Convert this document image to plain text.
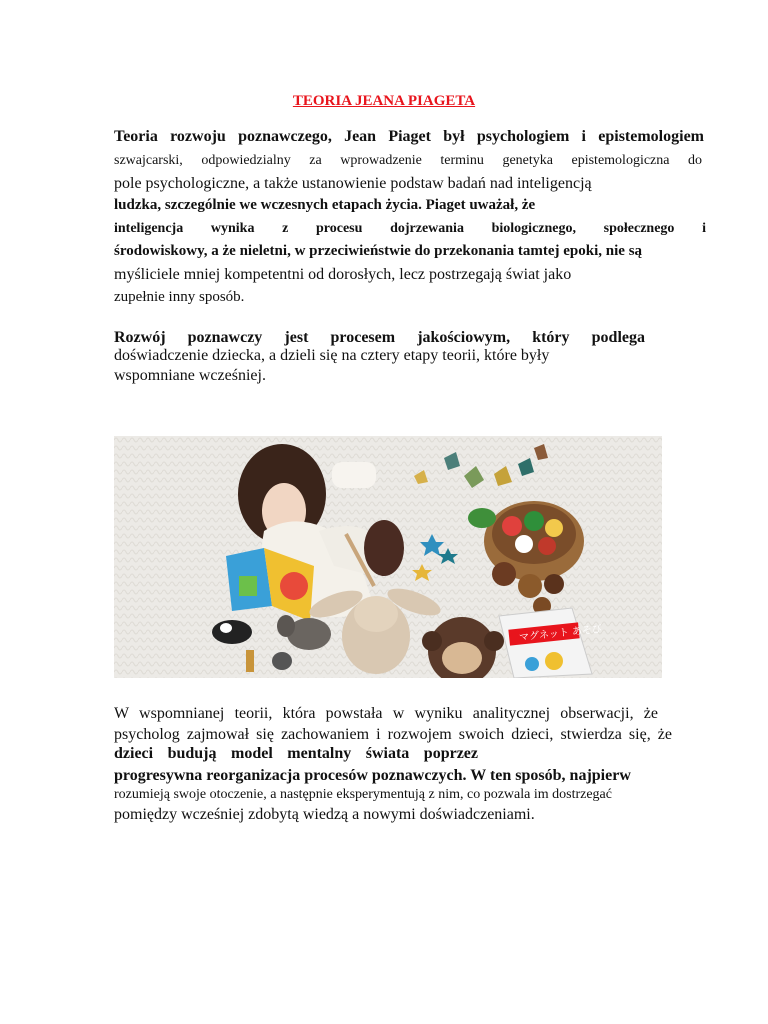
TEORIA JEANA PIAGETA
Teoria rozwoju poznawczego, Jean Piaget był psychologiem i epistemologiem
szwajcarski, odpowiedzialny za wprowadzenie terminu genetyka epistemologiczna do
pole psychologiczne, a także ustanowienie podstaw badań nad inteligencją
ludzka, szczególnie we wczesnych etapach życia. Piaget uważał, że
inteligencja wynika z procesu dojrzewania biologicznego, społecznego i
środowiskowy, a że nieletni, w przeciwieństwie do przekonania tamtej epoki, nie są
myśliciele mniej kompetentni od dorosłych, lecz postrzegają świat jako
zupełnie inny sposób.
Rozwój poznawczy jest procesem jakościowym, który podlega
doświadczenie dziecka, a dzieli się na cztery etapy teorii, które były
wspomniane wcześniej.
マグネット あそび
W wspomnianej teorii, która powstała w wyniku analitycznej obserwacji, że
psycholog zajmował się zachowaniem i rozwojem swoich dzieci, stwierdza się, że
dzieci budują model mentalny świata poprzez
progresywna reorganizacja procesów poznawczych. W ten sposób, najpierw
rozumieją swoje otoczenie, a następnie eksperymentują z nim, co pozwala im dostrzegać
pomiędzy wcześniej zdobytą wiedzą a nowymi doświadczeniami.
